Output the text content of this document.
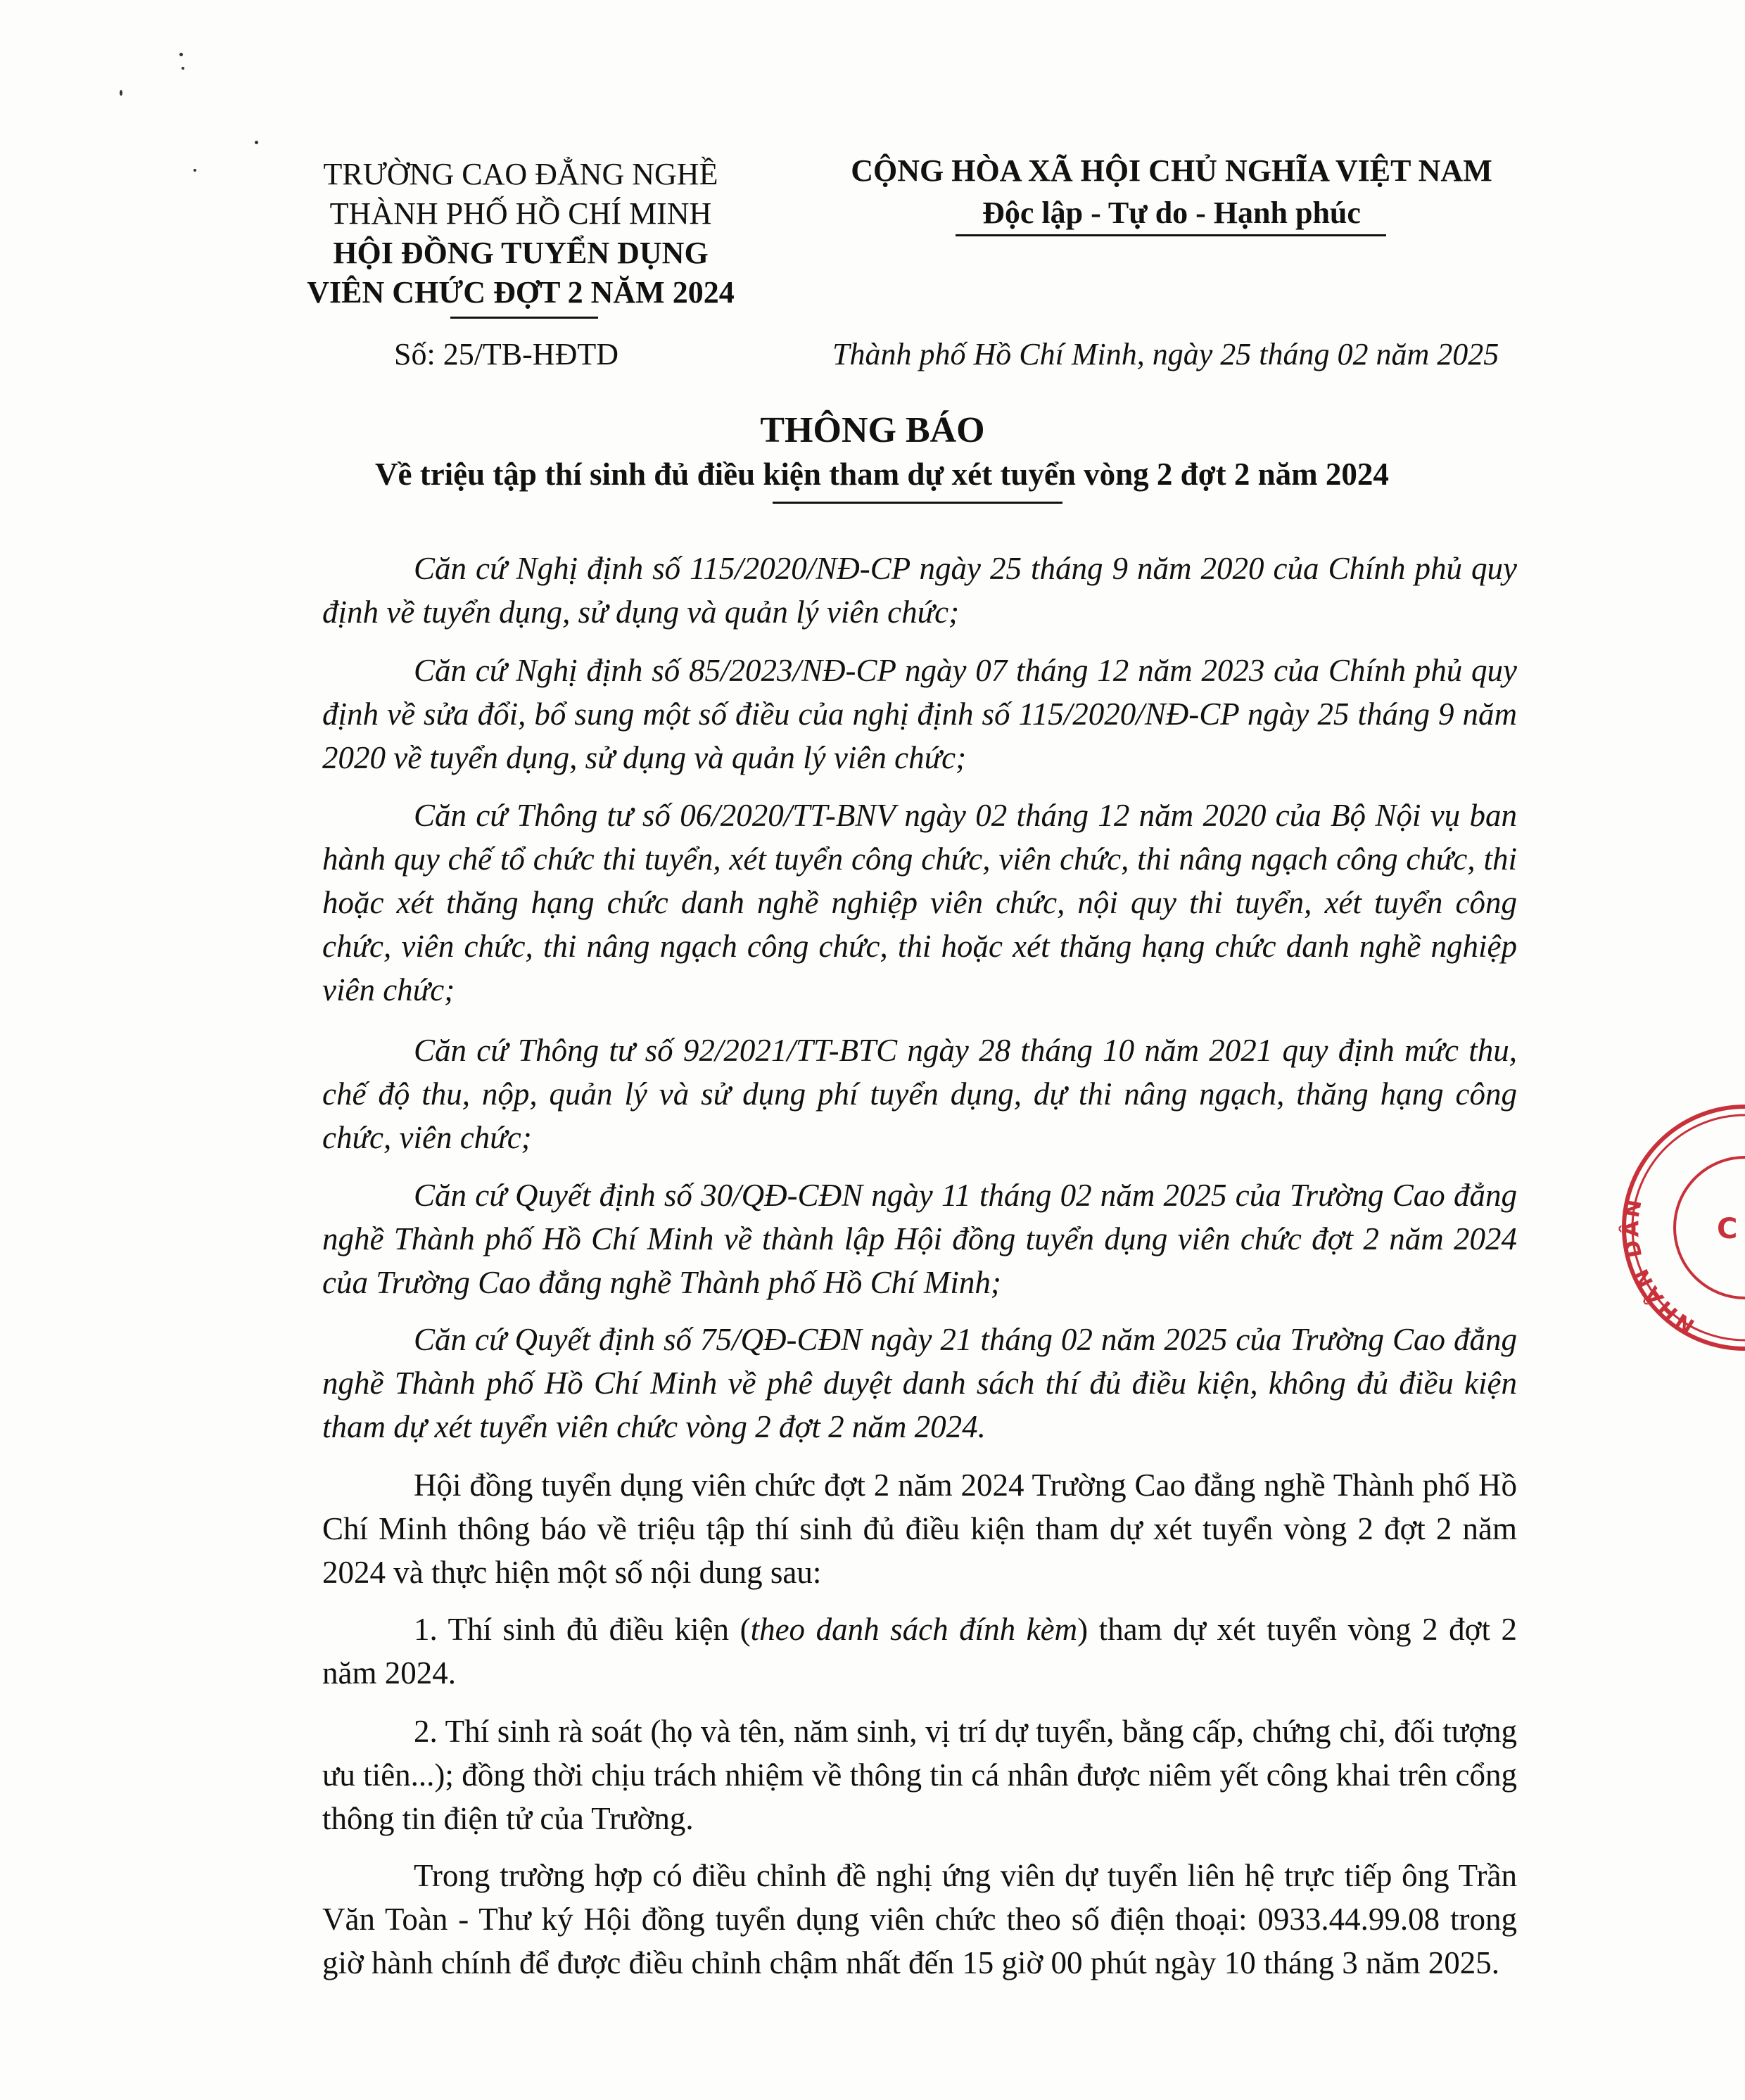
TRƯỜNG CAO ĐẲNG NGHỀ
THÀNH PHỐ HỒ CHÍ MINH
HỘI ĐỒNG TUYỂN DỤNG
VIÊN CHỨC ĐỢT 2 NĂM 2024
CỘNG HÒA XÃ HỘI CHỦ NGHĨA VIỆT NAM
Độc lập - Tự do - Hạnh phúc
Số: 25/TB-HĐTD	Thành phố Hồ Chí Minh, ngày 25 tháng 02 năm 2025
THÔNG BÁO
Về triệu tập thí sinh đủ điều kiện tham dự xét tuyển vòng 2 đợt 2 năm 2024

Căn cứ Nghị định số 115/2020/NĐ-CP ngày 25 tháng 9 năm 2020 của Chính phủ quy định về tuyển dụng, sử dụng và quản lý viên chức;

Căn cứ Nghị định số 85/2023/NĐ-CP ngày 07 tháng 12 năm 2023 của Chính phủ quy định về sửa đổi, bổ sung một số điều của nghị định số 115/2020/NĐ-CP ngày 25 tháng 9 năm 2020 về tuyển dụng, sử dụng và quản lý viên chức;

Căn cứ Thông tư số 06/2020/TT-BNV ngày 02 tháng 12 năm 2020 của Bộ Nội vụ ban hành quy chế tổ chức thi tuyển, xét tuyển công chức, viên chức, thi nâng ngạch công chức, thi hoặc xét thăng hạng chức danh nghề nghiệp viên chức, nội quy thi tuyển, xét tuyển công chức, viên chức, thi nâng ngạch công chức, thi hoặc xét thăng hạng chức danh nghề nghiệp viên chức;

Căn cứ Thông tư số 92/2021/TT-BTC ngày 28 tháng 10 năm 2021 quy định mức thu, chế độ thu, nộp, quản lý và sử dụng phí tuyển dụng, dự thi nâng ngạch, thăng hạng công chức, viên chức;

Căn cứ Quyết định số 30/QĐ-CĐN ngày 11 tháng 02 năm 2025 của Trường Cao đẳng nghề Thành phố Hồ Chí Minh về thành lập Hội đồng tuyển dụng viên chức đợt 2 năm 2024 của Trường Cao đẳng nghề Thành phố Hồ Chí Minh;

Căn cứ Quyết định số 75/QĐ-CĐN ngày 21 tháng 02 năm 2025 của Trường Cao đẳng nghề Thành phố Hồ Chí Minh về phê duyệt danh sách thí đủ điều kiện, không đủ điều kiện tham dự xét tuyển viên chức vòng 2 đợt 2 năm 2024.

Hội đồng tuyển dụng viên chức đợt 2 năm 2024 Trường Cao đẳng nghề Thành phố Hồ Chí Minh thông báo về triệu tập thí sinh đủ điều kiện tham dự xét tuyển vòng 2 đợt 2 năm 2024 và thực hiện một số nội dung sau:

1. Thí sinh đủ điều kiện (theo danh sách đính kèm) tham dự xét tuyển vòng 2 đợt 2 năm 2024.

2. Thí sinh rà soát (họ và tên, năm sinh, vị trí dự tuyển, bằng cấp, chứng chỉ, đối tượng ưu tiên...); đồng thời chịu trách nhiệm về thông tin cá nhân được niêm yết công khai trên cổng thông tin điện tử của Trường.

Trong trường hợp có điều chỉnh đề nghị ứng viên dự tuyển liên hệ trực tiếp ông Trần Văn Toàn - Thư ký Hội đồng tuyển dụng viên chức theo số điện thoại: 0933.44.99.08 trong giờ hành chính để được điều chỉnh chậm nhất đến 15 giờ 00 phút ngày 10 tháng 3 năm 2025.

NHÂN DÂN
C
